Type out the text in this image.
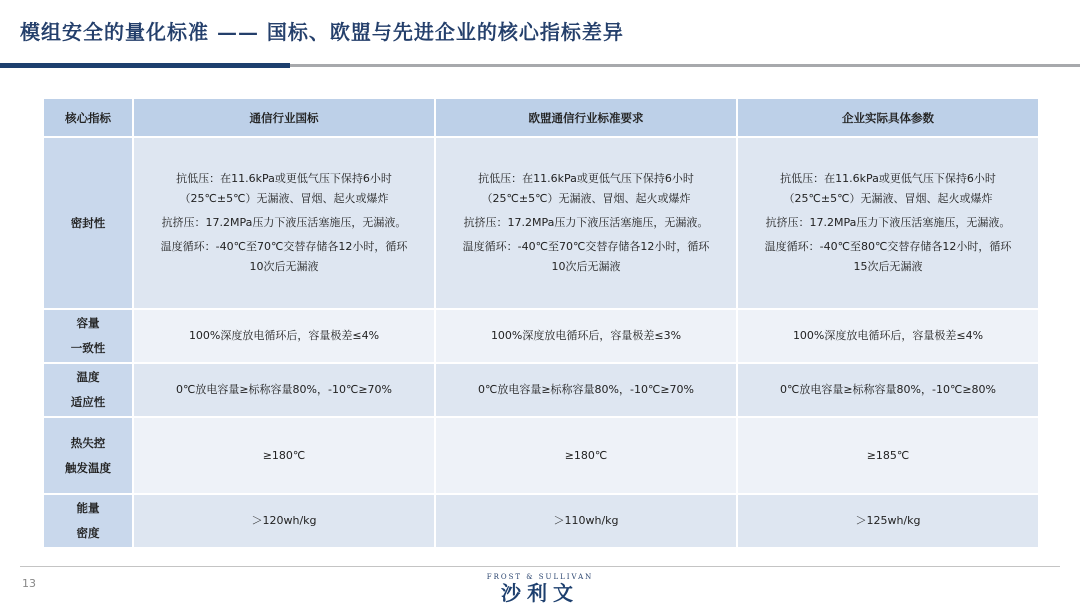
模组安全的量化标准 —— 国标、欧盟与先进企业的核心指标差异
核心指标	通信行业国标	欧盟通信行业标准要求	企业实际具体参数

密封性	抗低压：在11.6kPa或更低气压下保持6小时
（25℃±5℃）无漏液、冒烟、起火或爆炸
抗挤压：17.2MPa压力下液压活塞施压，无漏液。
温度循环：-40℃至70℃交替存储各12小时，循环
10次后无漏液	抗低压：在11.6kPa或更低气压下保持6小时
（25℃±5℃）无漏液、冒烟、起火或爆炸
抗挤压：17.2MPa压力下液压活塞施压，无漏液。
温度循环：-40℃至70℃交替存储各12小时，循环
10次后无漏液	抗低压：在11.6kPa或更低气压下保持6小时
（25℃±5℃）无漏液、冒烟、起火或爆炸
抗挤压：17.2MPa压力下液压活塞施压，无漏液。
温度循环：-40℃至80℃交替存储各12小时，循环
15次后无漏液

容量
一致性	100%深度放电循环后，容量极差≤4%	100%深度放电循环后，容量极差≤3%	100%深度放电循环后，容量极差≤4%

温度
适应性	0℃放电容量≥标称容量80%，-10℃≥70%	0℃放电容量≥标称容量80%，-10℃≥70%	0℃放电容量≥标称容量80%，-10℃≥80%

热失控
触发温度	≥180℃	≥180℃	≥185℃

能量
密度	＞120wh/kg	＞110wh/kg	＞125wh/kg
13	FROST & SULLIVAN
沙利文
